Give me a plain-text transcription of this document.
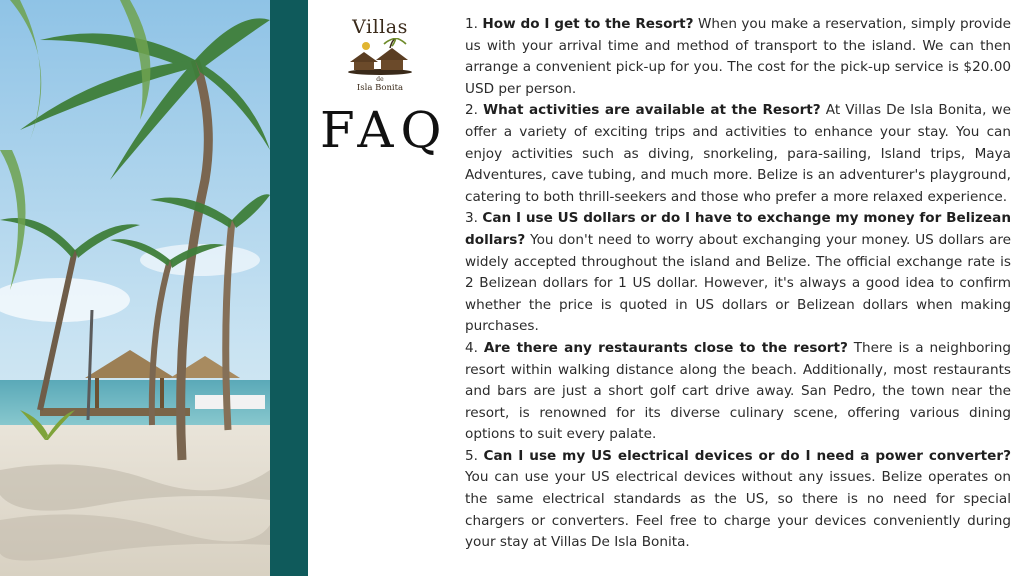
Villas
de
Isla Bonita
FAQ

1. How do I get to the Resort? When you make a reservation, simply provide us with your arrival time and method of transport to the island. We can then arrange a convenient pick-up for you. The cost for the pick-up service is $20.00 USD per person.

2. What activities are available at the Resort? At Villas De Isla Bonita, we offer a variety of exciting trips and activities to enhance your stay. You can enjoy activities such as diving, snorkeling, para-sailing, Island trips, Maya Adventures, cave tubing, and much more. Belize is an adventurer's playground, catering to both thrill-seekers and those who prefer a more relaxed experience.

3. Can I use US dollars or do I have to exchange my money for Belizean dollars? You don't need to worry about exchanging your money. US dollars are widely accepted throughout the island and Belize. The official exchange rate is 2 Belizean dollars for 1 US dollar. However, it's always a good idea to confirm whether the price is quoted in US dollars or Belizean dollars when making purchases.

4. Are there any restaurants close to the resort? There is a neighboring resort within walking distance along the beach. Additionally, most restaurants and bars are just a short golf cart drive away. San Pedro, the town near the resort, is renowned for its diverse culinary scene, offering various dining options to suit every palate.

5. Can I use my US electrical devices or do I need a power converter? You can use your US electrical devices without any issues. Belize operates on the same electrical standards as the US, so there is no need for special chargers or converters. Feel free to charge your devices conveniently during your stay at Villas De Isla Bonita.
